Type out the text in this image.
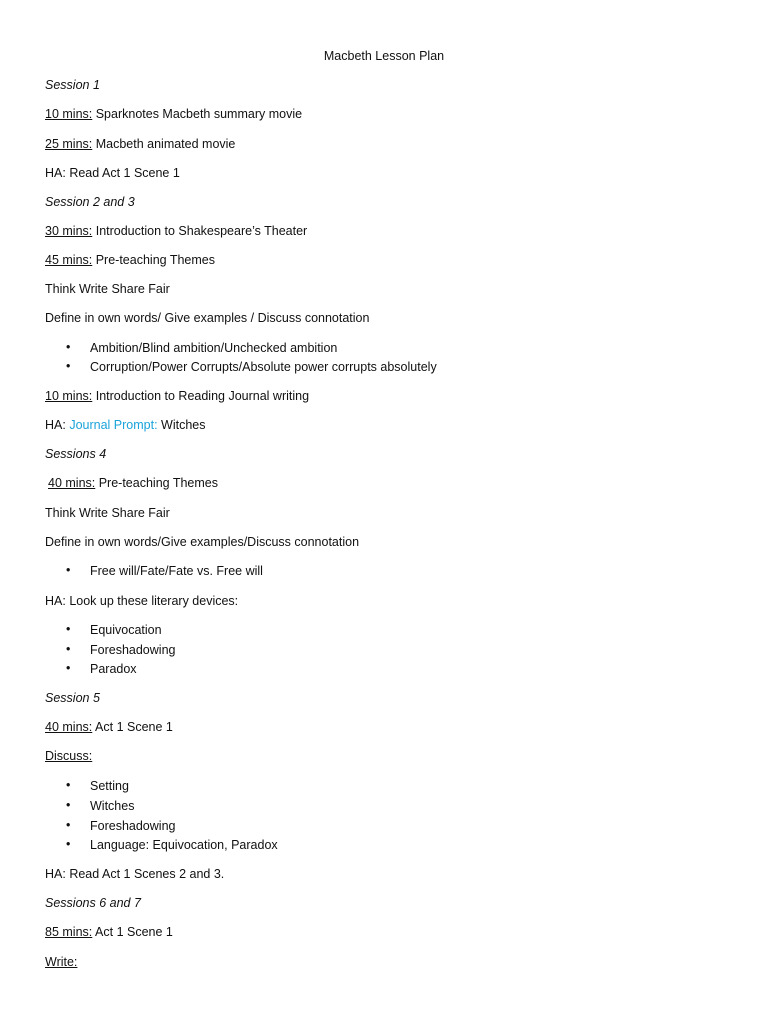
Macbeth Lesson Plan
Session 1
10 mins: Sparknotes Macbeth summary movie
25 mins: Macbeth animated movie
HA: Read Act 1 Scene 1
Session 2 and 3
30 mins: Introduction to Shakespeare’s Theater
45 mins: Pre-teaching Themes
Think Write Share Fair
Define in own words/ Give examples / Discuss connotation
• Ambition/Blind ambition/Unchecked ambition
• Corruption/Power Corrupts/Absolute power corrupts absolutely
10 mins: Introduction to Reading Journal writing
HA: Journal Prompt: Witches
Sessions 4
40 mins: Pre-teaching Themes
Think Write Share Fair
Define in own words/Give examples/Discuss connotation
• Free will/Fate/Fate vs. Free will
HA: Look up these literary devices:
• Equivocation
• Foreshadowing
• Paradox
Session 5
40 mins: Act 1 Scene 1
Discuss:
• Setting
• Witches
• Foreshadowing
• Language: Equivocation, Paradox
HA: Read Act 1 Scenes 2 and 3.
Sessions 6 and 7
85 mins: Act 1 Scene 1
Write:
